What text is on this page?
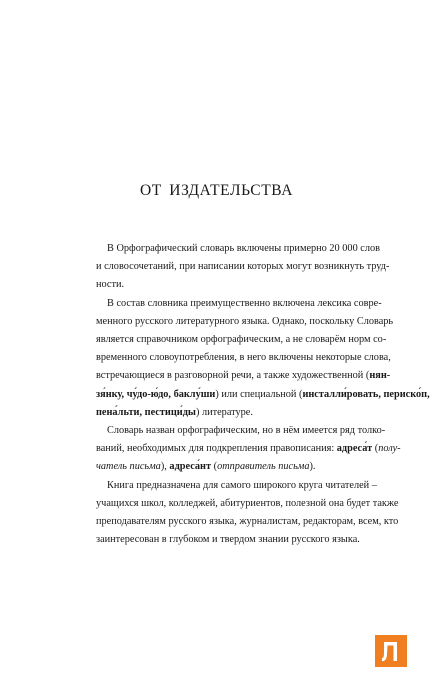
ОТ ИЗДАТЕЛЬСТВА
В Орфографический словарь включены примерно 20 000 слов
и словосочетаний, при написании которых могут возникнуть труд-
ности.
В состав словника преимущественно включена лексика совре-
менного русского литературного языка. Однако, поскольку Словарь
является справочником орфографическим, а не словарём норм со-
временного словоупотребления, в него включены некоторые слова,
встречающиеся в разговорной речи, а также художественной (нян-
зя́нку, чу́до-ю́до, баклу́ши) или специальной (инсталли́ровать, периско́п,
пена́льти, пестици́ды) литературе.
Словарь назван орфографическим, но в нём имеется ряд толко-
ваний, необходимых для подкрепления правописания: адреса́т (полу-
чатель письма), адреса́нт (отправитель письма).
Книга предназначена для самого широкого круга читателей –
учащихся школ, колледжей, абитуриентов, полезной она будет также
преподавателям русского языка, журналистам, редакторам, всем, кто
заинтересован в глубоком и твердом знании русского языка.
